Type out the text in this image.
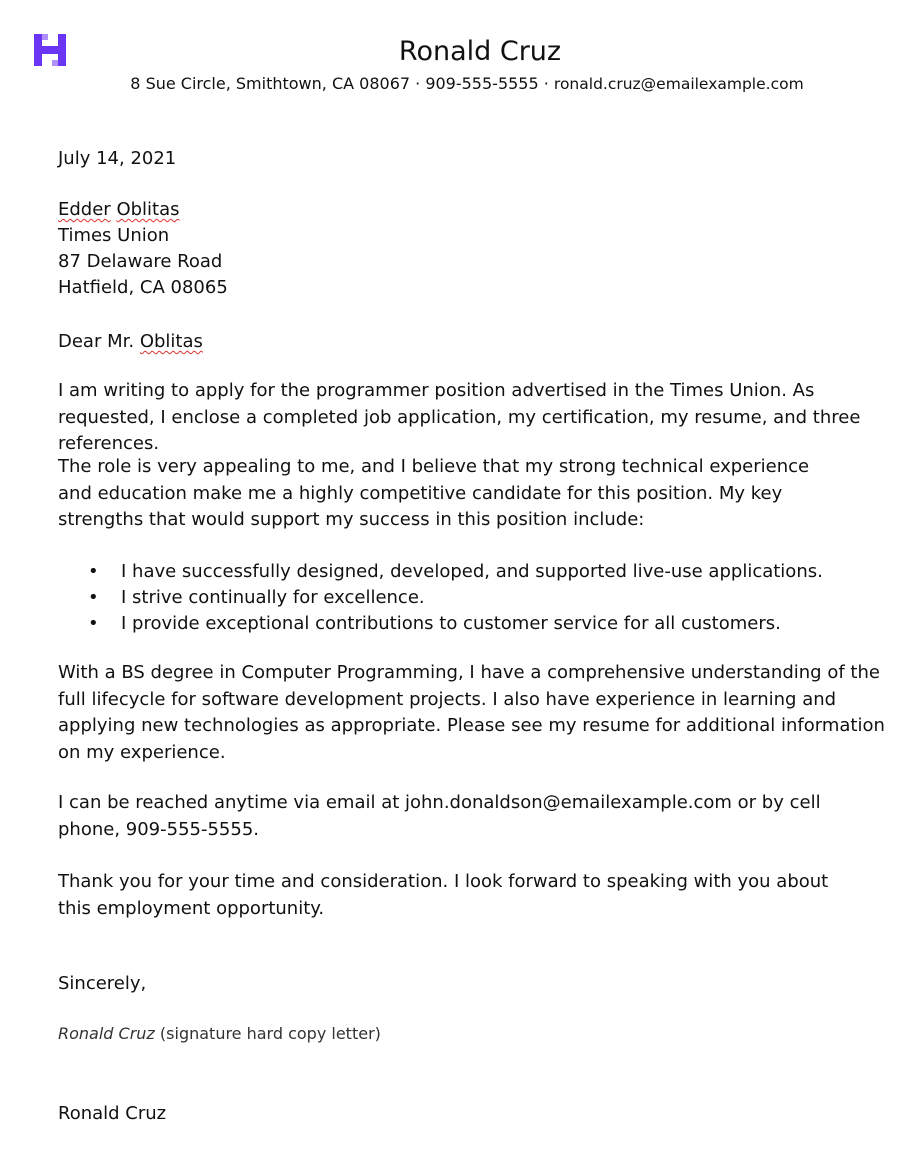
Ronald Cruz
8 Sue Circle, Smithtown, CA 08067 · 909-555-5555 · ronald.cruz@emailexample.com
July 14, 2021
Edder Oblitas
Times Union
87 Delaware Road
Hatfield, CA 08065
Dear Mr. Oblitas
I am writing to apply for the programmer position advertised in the Times Union. As requested, I enclose a completed job application, my certification, my resume, and three references.
The role is very appealing to me, and I believe that my strong technical experience and education make me a highly competitive candidate for this position. My key strengths that would support my success in this position include:
• I have successfully designed, developed, and supported live-use applications.
• I strive continually for excellence.
• I provide exceptional contributions to customer service for all customers.
With a BS degree in Computer Programming, I have a comprehensive understanding of the full lifecycle for software development projects. I also have experience in learning and applying new technologies as appropriate. Please see my resume for additional information on my experience.
I can be reached anytime via email at john.donaldson@emailexample.com or by cell phone, 909-555-5555.
Thank you for your time and consideration. I look forward to speaking with you about this employment opportunity.
Sincerely,
Ronald Cruz (signature hard copy letter)
Ronald Cruz
